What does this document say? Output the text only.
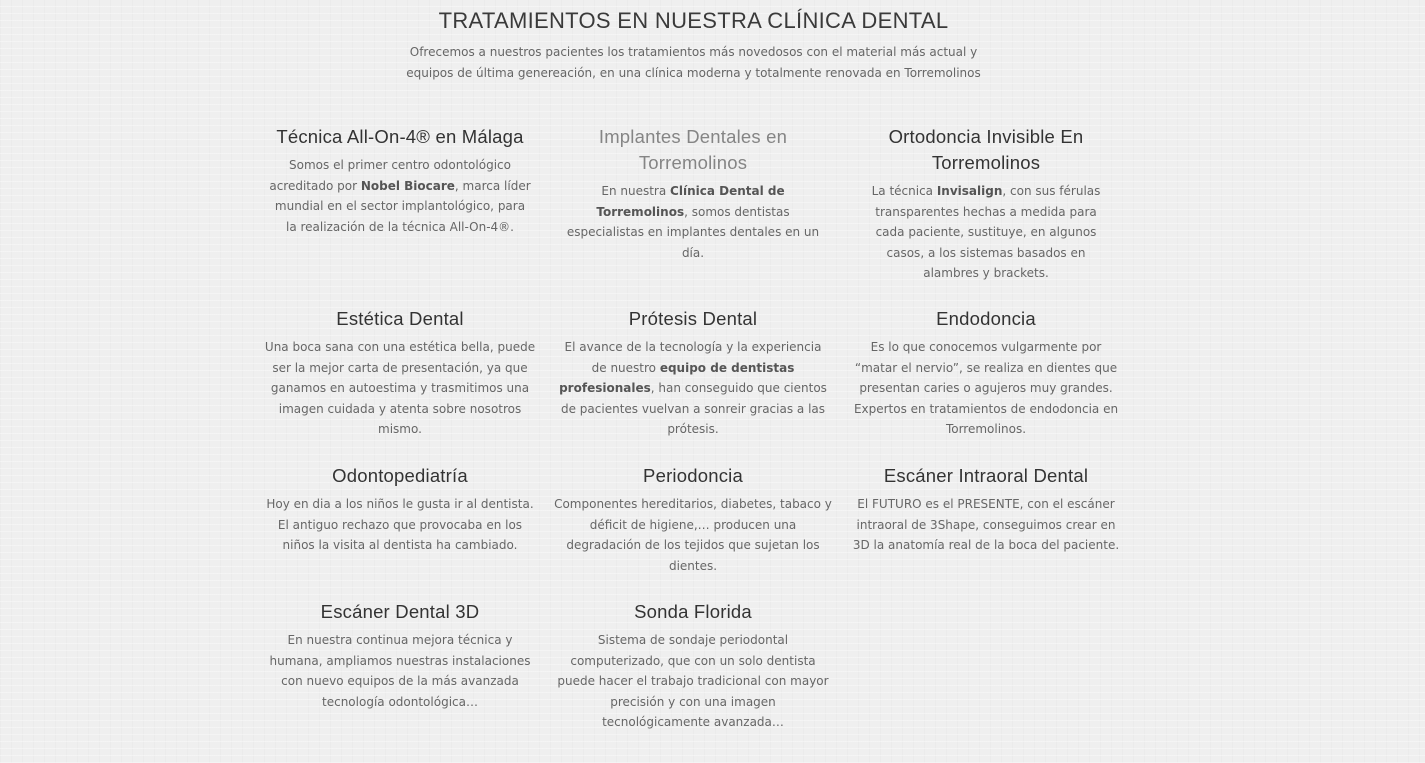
TRATAMIENTOS EN NUESTRA CLÍNICA DENTAL
Ofrecemos a nuestros pacientes los tratamientos más novedosos con el material más actual y
equipos de última genereación, en una clínica moderna y totalmente renovada en Torremolinos
Técnica All-On-4® en Málaga

Somos el primer centro odontológico acreditado por Nobel Biocare, marca líder mundial en el sector implantológico, para la realización de la técnica All-On-4®.

Implantes Dentales en Torremolinos

En nuestra Clínica Dental de Torremolinos, somos dentistas especialistas en implantes dentales en un día.

Ortodoncia Invisible En Torremolinos

La técnica Invisalign, con sus férulas transparentes hechas a medida para cada paciente, sustituye, en algunos casos, a los sistemas basados en alambres y brackets.

Estética Dental

Una boca sana con una estética bella, puede ser la mejor carta de presentación, ya que ganamos en autoestima y trasmitimos una imagen cuidada y atenta sobre nosotros mismo.

Prótesis Dental

El avance de la tecnología y la experiencia de nuestro equipo de dentistas profesionales, han conseguido que cientos de pacientes vuelvan a sonreir gracias a las prótesis.

Endodoncia

Es lo que conocemos vulgarmente por “matar el nervio”, se realiza en dientes que presentan caries o agujeros muy grandes. Expertos en tratamientos de endodoncia en Torremolinos.

Odontopediatría

Hoy en dia a los niños le gusta ir al dentista. El antiguo rechazo que provocaba en los niños la visita al dentista ha cambiado.

Periodoncia

Componentes hereditarios, diabetes, tabaco y déficit de higiene,… producen una degradación de los tejidos que sujetan los dientes.

Escáner Intraoral Dental

El FUTURO es el PRESENTE, con el escáner intraoral de 3Shape, conseguimos crear en 3D la anatomía real de la boca del paciente.

Escáner Dental 3D

En nuestra continua mejora técnica y humana, ampliamos nuestras instalaciones con nuevo equipos de la más avanzada tecnología odontológica…

Sonda Florida

Sistema de sondaje periodontal computerizado, que con un solo dentista puede hacer el trabajo tradicional con mayor precisión y con una imagen tecnológicamente avanzada…
